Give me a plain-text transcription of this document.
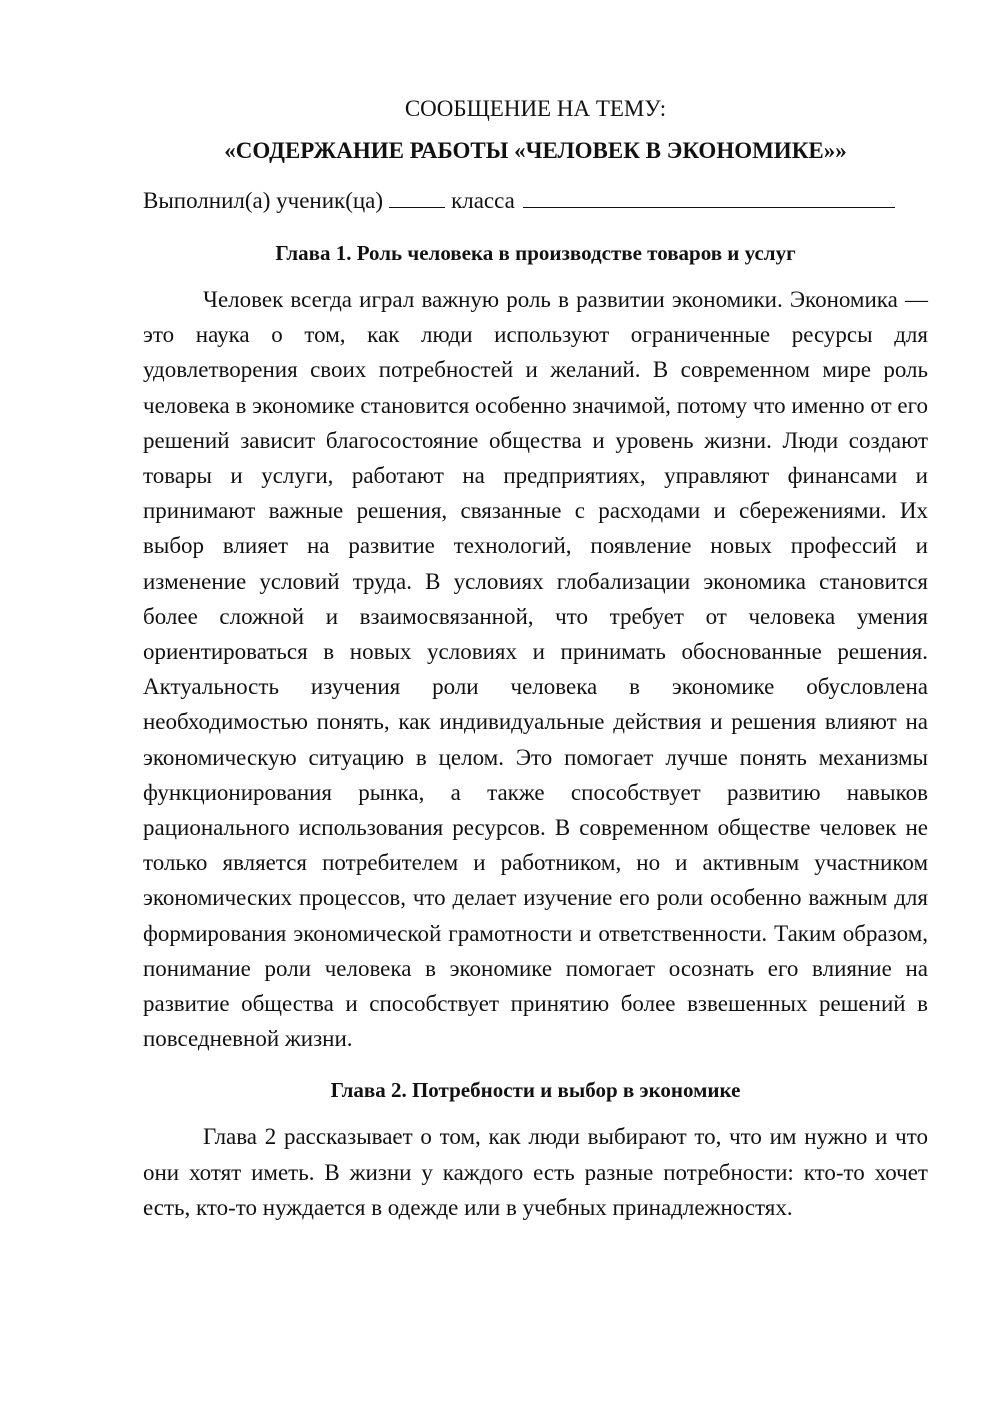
СООБЩЕНИЕ НА ТЕМУ:
«СОДЕРЖАНИЕ РАБОТЫ «ЧЕЛОВЕК В ЭКОНОМИКЕ»»
Выполнил(а) ученик(ца)	класса
Глава 1. Роль человека в производстве товаров и услуг

Человек всегда играл важную роль в развитии экономики. Экономика — это наука о том, как люди используют ограниченные ресурсы для удовлетворения своих потребностей и желаний. В современном мире роль человека в экономике становится особенно значимой, потому что именно от его решений зависит благосостояние общества и уровень жизни. Люди создают товары и услуги, работают на предприятиях, управляют финансами и принимают важные решения, связанные с расходами и сбережениями. Их выбор влияет на развитие технологий, появление новых профессий и изменение условий труда. В условиях глобализации экономика становится более сложной и взаимосвязанной, что требует от человека умения ориентироваться в новых условиях и принимать обоснованные решения. Актуальность изучения роли человека в экономике обусловлена необходимостью понять, как индивидуальные действия и решения влияют на экономическую ситуацию в целом. Это помогает лучше понять механизмы функционирования рынка, а также способствует развитию навыков рационального использования ресурсов. В современном обществе человек не только является потребителем и работником, но и активным участником экономических процессов, что делает изучение его роли особенно важным для формирования экономической грамотности и ответственности. Таким образом, понимание роли человека в экономике помогает осознать его влияние на развитие общества и способствует принятию более взвешенных решений в повседневной жизни.

Глава 2. Потребности и выбор в экономике

Глава 2 рассказывает о том, как люди выбирают то, что им нужно и что они хотят иметь. В жизни у каждого есть разные потребности: кто-то хочет есть, кто-то нуждается в одежде или в учебных принадлежностях.
